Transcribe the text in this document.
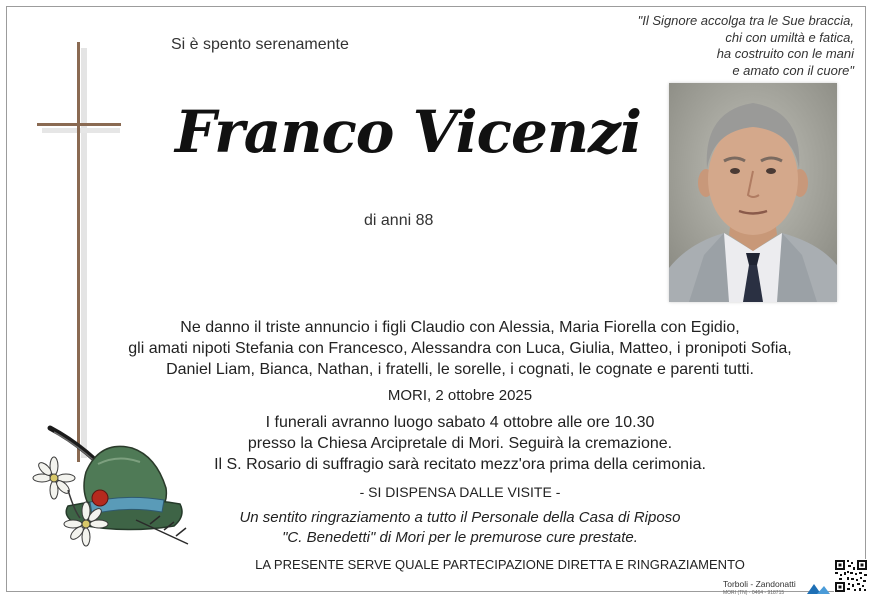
Si è spento serenamente
"Il Signore accolga tra le Sue braccia,
chi con umiltà e fatica,
ha costruito con le mani
e amato con il cuore"
Franco Vicenzi
di anni 88
Ne danno il triste annuncio i figli Claudio con Alessia, Maria Fiorella con Egidio,
gli amati nipoti Stefania con Francesco, Alessandra con Luca, Giulia, Matteo, i pronipoti Sofia,
Daniel Liam, Bianca, Nathan, i fratelli, le sorelle, i cognati, le cognate e parenti tutti.
MORI, 2 ottobre 2025
I funerali avranno luogo sabato 4 ottobre alle ore 10.30
presso la Chiesa Arcipretale di Mori. Seguirà la cremazione.
Il S. Rosario di suffragio sarà recitato mezz'ora prima della cerimonia.
- SI DISPENSA DALLE VISITE -
Un sentito ringraziamento a tutto il Personale della Casa di Riposo
"C. Benedetti" di Mori per le premurose cure prestate.
LA PRESENTE SERVE QUALE PARTECIPAZIONE DIRETTA E RINGRAZIAMENTO
Torboli - Zandonatti
MORI (TN) · 0464 - 918715
